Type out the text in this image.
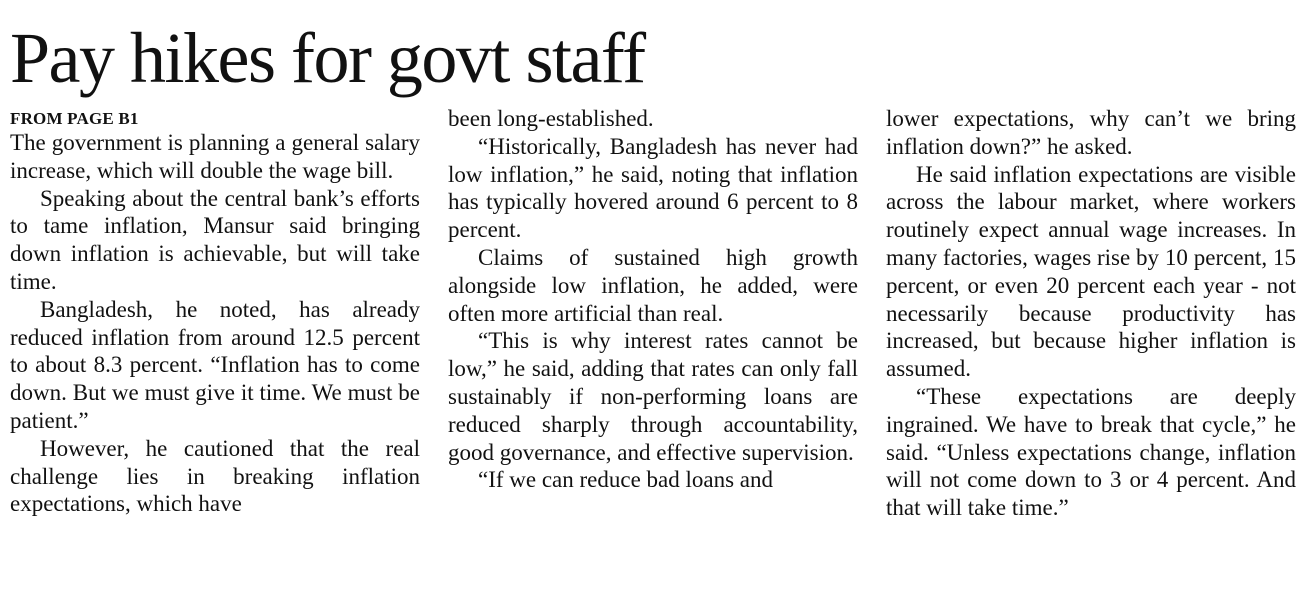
Pay hikes for govt staff
FROM PAGE B1

The government is planning a general salary increase, which will double the wage bill.

Speaking about the central bank’s efforts to tame inflation, Mansur said bringing down inflation is achievable, but will take time.

Bangladesh, he noted, has already reduced inflation from around 12.5 percent to about 8.3 percent. “Inflation has to come down. But we must give it time. We must be patient.”

However, he cautioned that the real challenge lies in breaking inflation expectations, which have

been long-established.

“Historically, Bangladesh has never had low inflation,” he said, noting that inflation has typically hovered around 6 percent to 8 percent.

Claims of sustained high growth alongside low inflation, he added, were often more artificial than real.

“This is why interest rates cannot be low,” he said, adding that rates can only fall sustainably if non-performing loans are reduced sharply through accountability, good governance, and effective supervision.

“If we can reduce bad loans and

lower expectations, why can’t we bring inflation down?” he asked.

He said inflation expectations are visible across the labour market, where workers routinely expect annual wage increases. In many factories, wages rise by 10 percent, 15 percent, or even 20 percent each year - not necessarily because productivity has increased, but because higher inflation is assumed.

“These expectations are deeply ingrained. We have to break that cycle,” he said. “Unless expectations change, inflation will not come down to 3 or 4 percent. And that will take time.”
